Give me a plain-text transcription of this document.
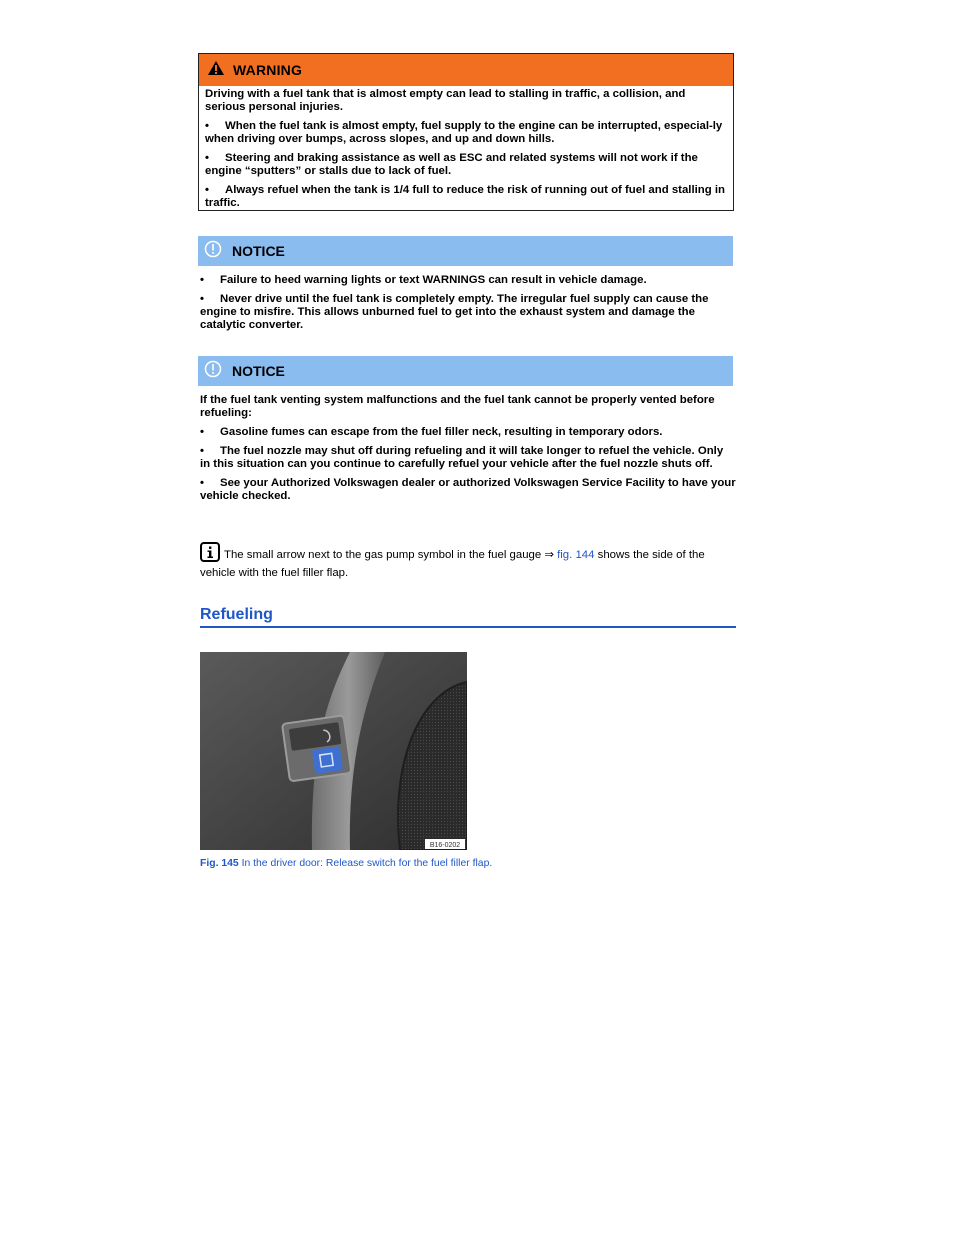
WARNING

Driving with a fuel tank that is almost empty can lead to stalling in traffic, a collision, and serious personal injuries.

• When the fuel tank is almost empty, fuel supply to the engine can be interrupted, especial-ly when driving over bumps, across slopes, and up and down hills.

• Steering and braking assistance as well as ESC and related systems will not work if the engine “sputters” or stalls due to lack of fuel.

• Always refuel when the tank is 1/4 full to reduce the risk of running out of fuel and stalling in traffic.

NOTICE

• Failure to heed warning lights or text WARNINGS can result in vehicle damage.

• Never drive until the fuel tank is completely empty. The irregular fuel supply can cause the engine to misfire. This allows unburned fuel to get into the exhaust system and damage the catalytic converter.

NOTICE

If the fuel tank venting system malfunctions and the fuel tank cannot be properly vented before refueling:

• Gasoline fumes can escape from the fuel filler neck, resulting in temporary odors.

• The fuel nozzle may shut off during refueling and it will take longer to refuel the vehicle. Only in this situation can you continue to carefully refuel your vehicle after the fuel nozzle shuts off.

• See your Authorized Volkswagen dealer or authorized Volkswagen Service Facility to have your vehicle checked.

The small arrow next to the gas pump symbol in the fuel gauge ⇒ fig. 144 shows the side of the vehicle with the fuel filler flap.
Refueling
B16-0202
Fig. 145 In the driver door: Release switch for the fuel filler flap.
